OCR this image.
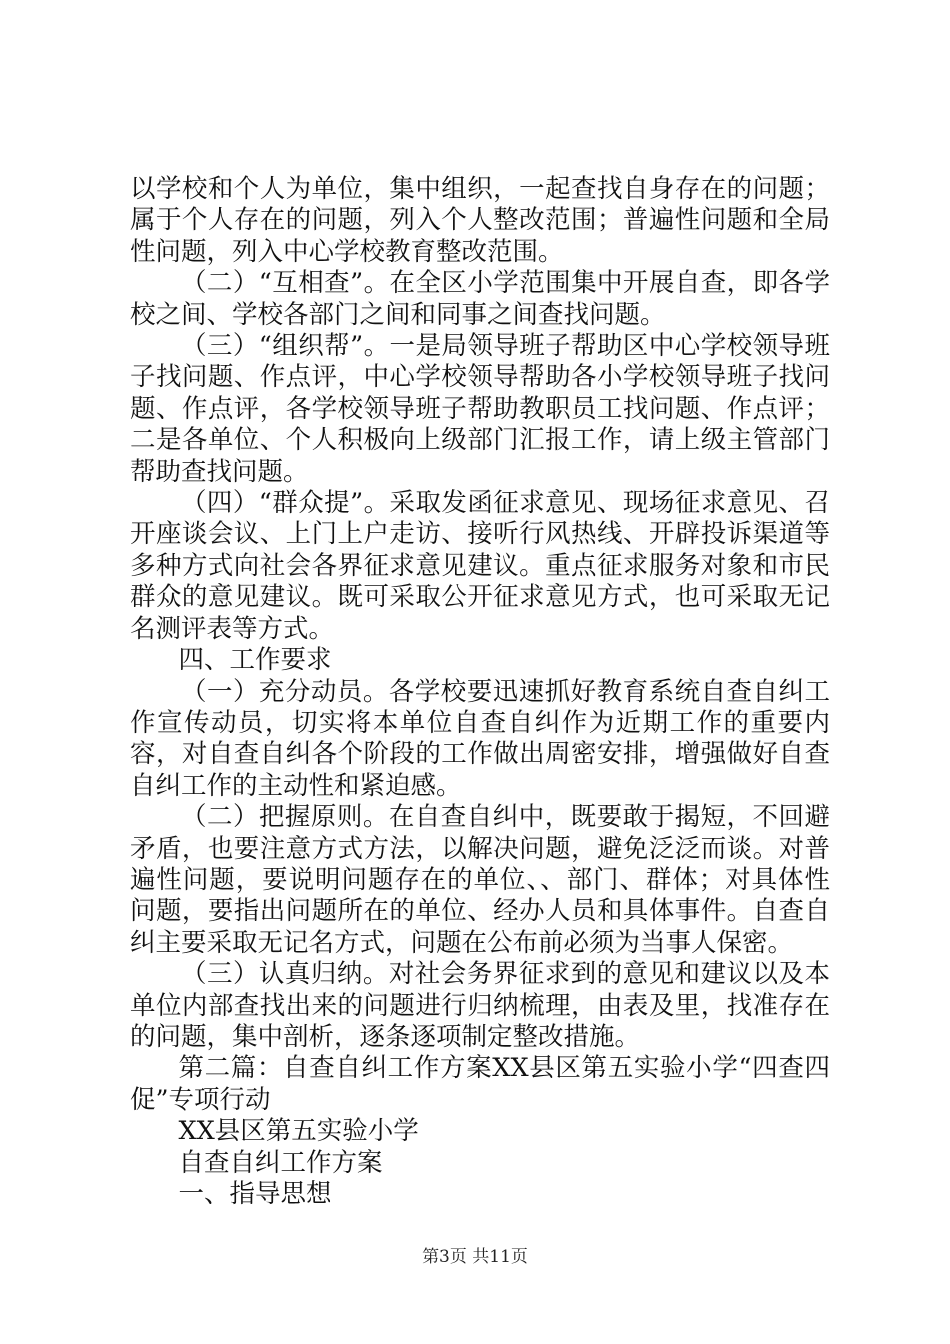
以学校和个人为单位，集中组织，一起查找自身存在的问题；属于个人存在的问题，列入个人整改范围；普遍性问题和全局性问题，列入中心学校教育整改范围。

（二）“互相查”。在全区小学范围集中开展自查，即各学校之间、学校各部门之间和同事之间查找问题。

（三）“组织帮”。一是局领导班子帮助区中心学校领导班子找问题、作点评，中心学校领导帮助各小学校领导班子找问题、作点评，各学校领导班子帮助教职员工找问题、作点评；二是各单位、个人积极向上级部门汇报工作，请上级主管部门帮助查找问题。

（四）“群众提”。采取发函征求意见、现场征求意见、召开座谈会议、上门上户走访、接听行风热线、开辟投诉渠道等多种方式向社会各界征求意见建议。重点征求服务对象和市民群众的意见建议。既可采取公开征求意见方式，也可采取无记名测评表等方式。

四、工作要求

（一）充分动员。各学校要迅速抓好教育系统自查自纠工作宣传动员，切实将本单位自查自纠作为近期工作的重要内容，对自查自纠各个阶段的工作做出周密安排，增强做好自查自纠工作的主动性和紧迫感。

（二）把握原则。在自查自纠中，既要敢于揭短，不回避矛盾，也要注意方式方法，以解决问题，避免泛泛而谈。对普遍性问题，要说明问题存在的单位、、部门、群体；对具体性问题，要指出问题所在的单位、经办人员和具体事件。自查自纠主要采取无记名方式，问题在公布前必须为当事人保密。

（三）认真归纳。对社会务界征求到的意见和建议以及本单位内部查找出来的问题进行归纳梳理，由表及里，找准存在的问题，集中剖析，逐条逐项制定整改措施。

第二篇：自查自纠工作方案XX县区第五实验小学“四查四促”专项行动

XX县区第五实验小学

自查自纠工作方案

一、指导思想

第3页 共11页
